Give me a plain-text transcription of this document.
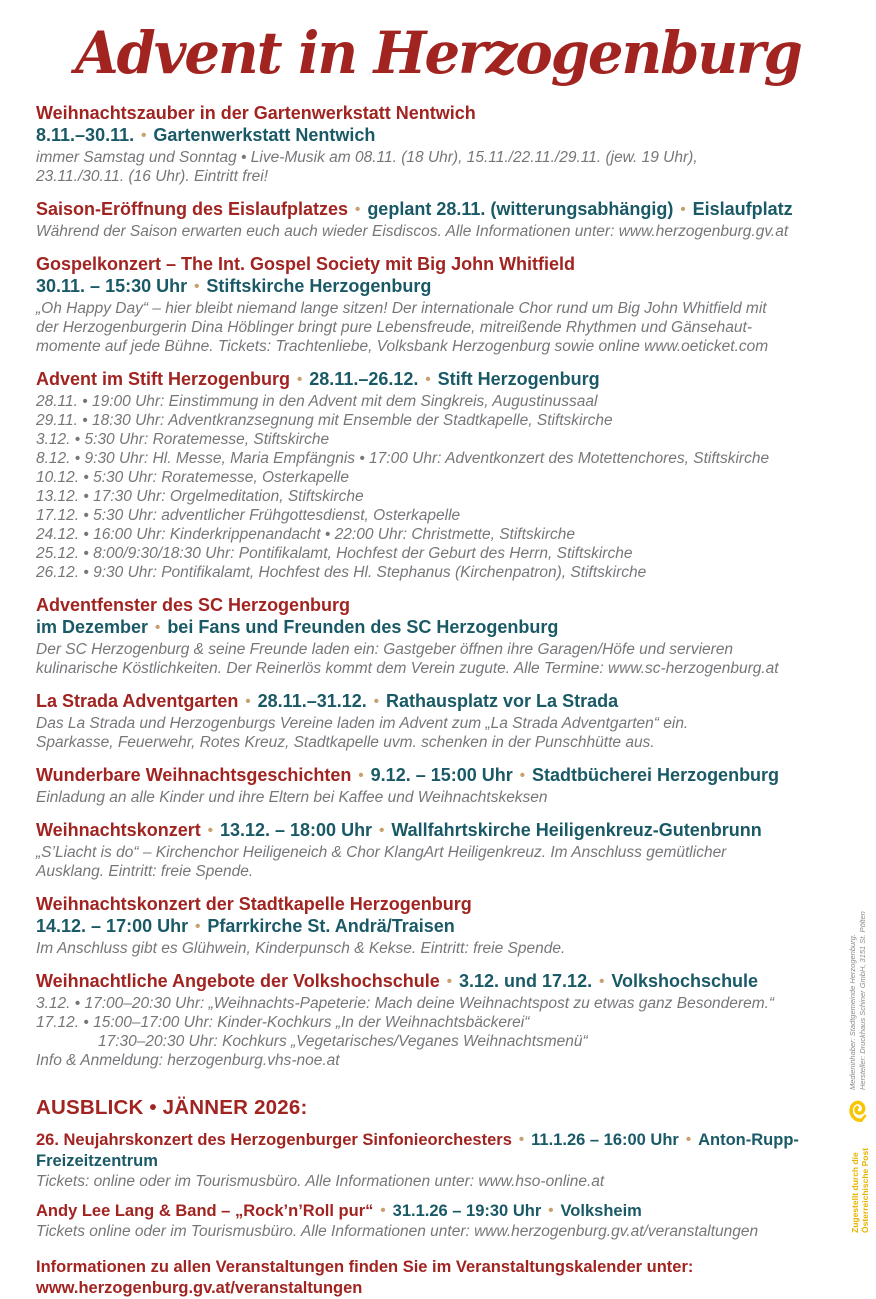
Advent in Herzogenburg
Weihnachtszauber in der Gartenwerkstatt Nentwich
8.11.–30.11. • Gartenwerkstatt Nentwich
immer Samstag und Sonntag • Live-Musik am 08.11. (18 Uhr), 15.11./22.11./29.11. (jew. 19 Uhr),
23.11./30.11. (16 Uhr). Eintritt frei!
Saison-Eröffnung des Eislaufplatzes • geplant 28.11. (witterungsabhängig) • Eislaufplatz
Während der Saison erwarten euch auch wieder Eisdiscos. Alle Informationen unter: www.herzogenburg.gv.at
Gospelkonzert – The Int. Gospel Society mit Big John Whitfield
30.11. – 15:30 Uhr • Stiftskirche Herzogenburg
„Oh Happy Day“ – hier bleibt niemand lange sitzen! Der internationale Chor rund um Big John Whitfield mit
der Herzogenburgerin Dina Höblinger bringt pure Lebensfreude, mitreißende Rhythmen und Gänsehaut-
momente auf jede Bühne. Tickets: Trachtenliebe, Volksbank Herzogenburg sowie online www.oeticket.com
Advent im Stift Herzogenburg • 28.11.–26.12. • Stift Herzogenburg
28.11. • 19:00 Uhr: Einstimmung in den Advent mit dem Singkreis, Augustinussaal
29.11. • 18:30 Uhr: Adventkranzsegnung mit Ensemble der Stadtkapelle, Stiftskirche
3.12. • 5:30 Uhr: Roratemesse, Stiftskirche
8.12. • 9:30 Uhr: Hl. Messe, Maria Empfängnis • 17:00 Uhr: Adventkonzert des Motettenchores, Stiftskirche
10.12. • 5:30 Uhr: Roratemesse, Osterkapelle
13.12. • 17:30 Uhr: Orgelmeditation, Stiftskirche
17.12. • 5:30 Uhr: adventlicher Frühgottesdienst, Osterkapelle
24.12. • 16:00 Uhr: Kinderkrippenandacht • 22:00 Uhr: Christmette, Stiftskirche
25.12. • 8:00/9:30/18:30 Uhr: Pontifikalamt, Hochfest der Geburt des Herrn, Stiftskirche
26.12. • 9:30 Uhr: Pontifikalamt, Hochfest des Hl. Stephanus (Kirchenpatron), Stiftskirche
Adventfenster des SC Herzogenburg
im Dezember • bei Fans und Freunden des SC Herzogenburg
Der SC Herzogenburg & seine Freunde laden ein: Gastgeber öffnen ihre Garagen/Höfe und servieren
kulinarische Köstlichkeiten. Der Reinerlös kommt dem Verein zugute. Alle Termine: www.sc-herzogenburg.at
La Strada Adventgarten • 28.11.–31.12. • Rathausplatz vor La Strada
Das La Strada und Herzogenburgs Vereine laden im Advent zum „La Strada Adventgarten“ ein.
Sparkasse, Feuerwehr, Rotes Kreuz, Stadtkapelle uvm. schenken in der Punschhütte aus.
Wunderbare Weihnachtsgeschichten • 9.12. – 15:00 Uhr • Stadtbücherei Herzogenburg
Einladung an alle Kinder und ihre Eltern bei Kaffee und Weihnachtskeksen
Weihnachtskonzert • 13.12. – 18:00 Uhr • Wallfahrtskirche Heiligenkreuz-Gutenbrunn
„S’Liacht is do“ – Kirchenchor Heiligeneich & Chor KlangArt Heiligenkreuz. Im Anschluss gemütlicher
Ausklang. Eintritt: freie Spende.
Weihnachtskonzert der Stadtkapelle Herzogenburg
14.12. – 17:00 Uhr • Pfarrkirche St. Andrä/Traisen
Im Anschluss gibt es Glühwein, Kinderpunsch & Kekse. Eintritt: freie Spende.
Weihnachtliche Angebote der Volkshochschule • 3.12. und 17.12. • Volkshochschule
3.12. • 17:00–20:30 Uhr: „Weihnachts-Papeterie: Mach deine Weihnachtspost zu etwas ganz Besonderem.“
17.12. • 15:00–17:00 Uhr: Kinder-Kochkurs „In der Weihnachtsbäckerei“
17:30–20:30 Uhr: Kochkurs „Vegetarisches/Veganes Weihnachtsmenü“
Info & Anmeldung: herzogenburg.vhs-noe.at
AUSBLICK • JÄNNER 2026:
26. Neujahrskonzert des Herzogenburger Sinfonieorchesters • 11.1.26 – 16:00 Uhr • Anton-Rupp-Freizeitzentrum
Tickets: online oder im Tourismusbüro. Alle Informationen unter: www.hso-online.at
Andy Lee Lang & Band – „Rock’n’Roll pur“ • 31.1.26 – 19:30 Uhr • Volksheim
Tickets online oder im Tourismusbüro. Alle Informationen unter: www.herzogenburg.gv.at/veranstaltungen
Informationen zu allen Veranstaltungen finden Sie im Veranstaltungskalender unter:
www.herzogenburg.gv.at/veranstaltungen
Medieninhaber: Stadtgemeinde Herzogenburg. Hersteller: Druckhaus Schiner GmbH, 3151 St. Pölten
Zugestellt durch die Österreichische Post
